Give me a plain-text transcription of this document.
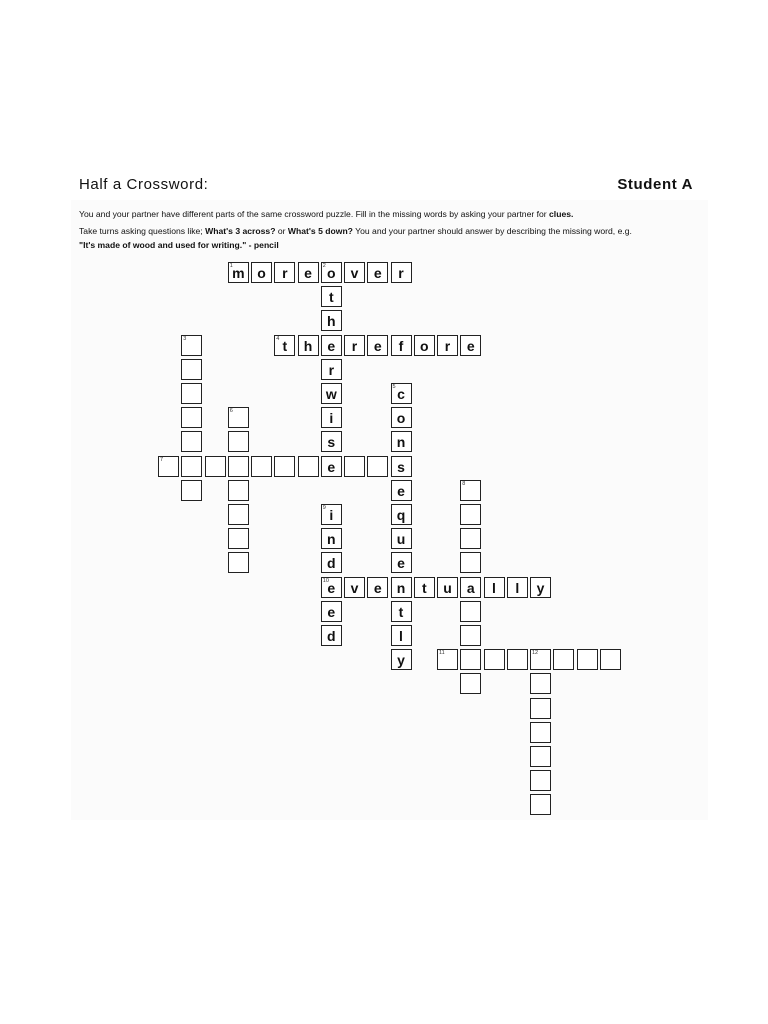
Half a Crossword:	Student A
You and your partner have different parts of the same crossword puzzle. Fill in the missing words by asking your partner for clues.
Take turns asking questions like; What's 3 across? or What's 5 down? You and your partner should answer by describing the missing word, e.g.
"It's made of wood and used for writing." - pencil
1 m o	r	e	2 o	v	e	r
4 t	h	e	r	e	f	o	r	e
7	e	s
10
e	v	e	n	t	u	a	l	l	y
11	12
t
h
r
w
i
s
3
5 c
o
n
e
q
u
e
t
l
y
6
8
9 i
n
d
e
d
